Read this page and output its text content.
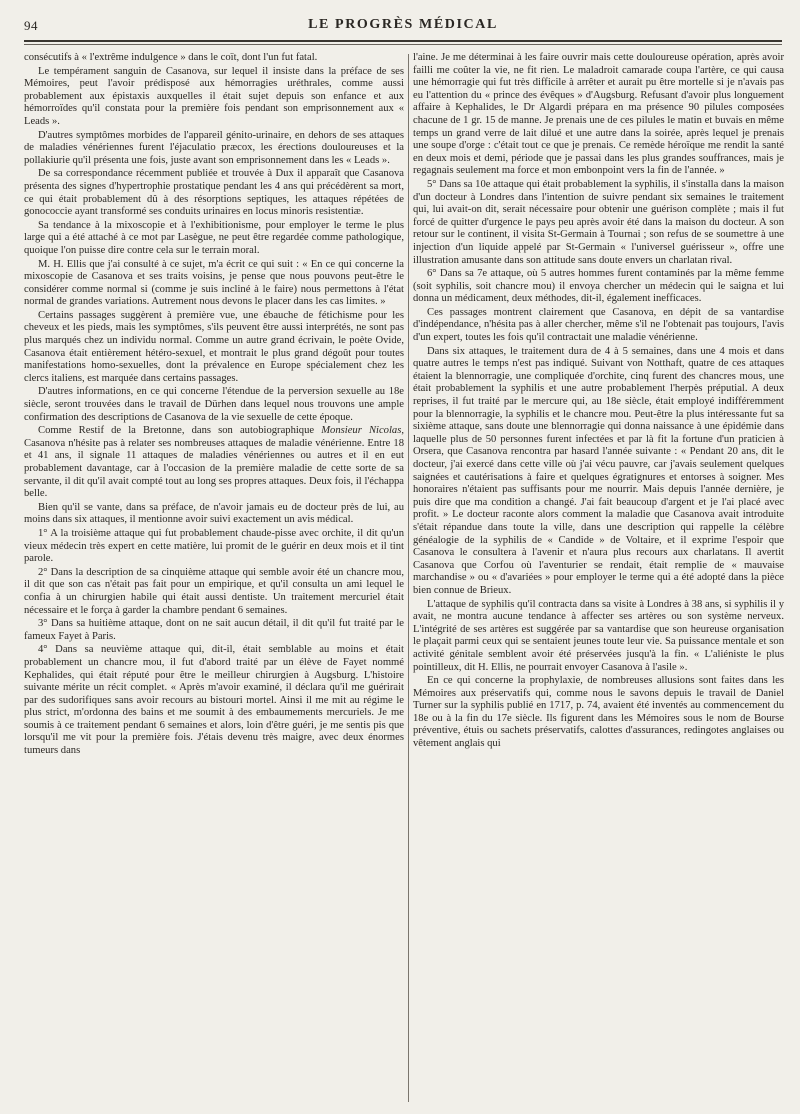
94	LE PROGRÈS MÉDICAL

consécutifs à « l'extrême indulgence » dans le coït, dont l'un fut fatal.

Le tempérament sanguin de Casanova, sur lequel il insiste dans la préface de ses Mémoires, peut l'avoir prédisposé aux hémorragies uréthrales, comme aussi probablement aux épistaxis auxquelles il était sujet depuis son enfance et aux hémorroïdes qu'il constata pour la première fois pendant son emprisonnement aux « Leads ».

D'autres symptômes morbides de l'appareil génito-urinaire, en dehors de ses attaques de maladies vénériennes furent l'éjaculatio præcox, les érections douloureuses et la pollakiurie qu'il présenta une fois, juste avant son emprisonnement dans les « Leads ».

De sa correspondance récemment publiée et trouvée à Dux il apparaît que Casanova présenta des signes d'hypertrophie prostatique pendant les 4 ans qui précédèrent sa mort, ce qui était probablement dû à des résorptions septiques, les attaques répétées de gonococcie ayant transformé ses conduits urinaires en locus minoris resistentiæ.

Sa tendance à la mixoscopie et à l'exhibitionisme, pour employer le terme le plus large qui a été attaché à ce mot par Lasègue, ne peut être regardée comme pathologique, quoique l'on puisse dire contre cela sur le terrain moral.

M. H. Ellis que j'ai consulté à ce sujet, m'a écrit ce qui suit : « En ce qui concerne la mixoscopie de Casanova et ses traits voisins, je pense que nous pouvons peut-être le considérer comme normal si (comme je suis incliné à le faire) nous permettons à l'état normal de grandes variations. Autrement nous devons le placer dans les cas limites. »

Certains passages suggèrent à première vue, une ébauche de fétichisme pour les cheveux et les pieds, mais les symptômes, s'ils peuvent être aussi interprétés, ne sont pas plus marqués chez un individu normal. Comme un autre grand écrivain, le poète Ovide, Casanova était entièrement hétéro-sexuel, et montrait le plus grand dégoût pour toutes manifestations homo-sexuelles, dont la prévalence en Europe spécialement chez les clercs italiens, est marquée dans certains passages.

D'autres informations, en ce qui concerne l'étendue de la perversion sexuelle au 18e siècle, seront trouvées dans le travail de Dürhen dans lequel nous trouvons une ample confirmation des descriptions de Casanova de la vie sexuelle de cette époque.

Comme Restif de la Bretonne, dans son autobiographique Monsieur Nicolas, Casanova n'hésite pas à relater ses nombreuses attaques de maladie vénérienne. Entre 18 et 41 ans, il signale 11 attaques de maladies vénériennes ou autres et il en eut probablement davantage, car à l'occasion de la première maladie de cette sorte de sa servante, il dit qu'il avait compté tout au long ses propres attaques. Deux fois, il l'échappa belle.

Bien qu'il se vante, dans sa préface, de n'avoir jamais eu de docteur près de lui, au moins dans six attaques, il mentionne avoir suivi exactement un avis médical.

1° A la troisième attaque qui fut probablement chaude-pisse avec orchite, il dit qu'un vieux médecin très expert en cette matière, lui promit de le guérir en deux mois et il tint parole.

2° Dans la description de sa cinquième attaque qui semble avoir été un chancre mou, il dit que son cas n'était pas fait pour un empirique, et qu'il consulta un ami lequel le confia à un chirurgien habile qui était aussi dentiste. Un traitement mercuriel était nécessaire et le força à garder la chambre pendant 6 semaines.

3° Dans sa huitième attaque, dont on ne sait aucun détail, il dit qu'il fut traité par le fameux Fayet à Paris.

4° Dans sa neuvième attaque qui, dit-il, était semblable au moins et était probablement un chancre mou, il fut d'abord traité par un élève de Fayet nommé Kephalides, qui était réputé pour être le meilleur chirurgien à Augsburg. L'histoire suivante mérite un récit complet. « Après m'avoir examiné, il déclara qu'il me guérirait par des sudorifiques sans avoir recours au bistouri mortel. Ainsi il me mit au régime le plus strict, m'ordonna des bains et me soumit à des embaumements mercuriels. Je me soumis à ce traitement pendant 6 semaines et alors, loin d'être guéri, je me sentis pis que lorsqu'il me vit pour la première fois. J'étais devenu très maigre, avec deux énormes tumeurs dans

l'aine. Je me déterminai à les faire ouvrir mais cette douloureuse opération, après avoir failli me coûter la vie, ne fit rien. Le maladroit camarade coupa l'artère, ce qui causa une hémorragie qui fut très difficile à arrêter et aurait pu être mortelle si je n'avais pas eu l'attention du « prince des évêques » d'Augsburg. Refusant d'avoir plus longuement affaire à Kephalides, le Dr Algardi prépara en ma présence 90 pilules composées chacune de 1 gr. 15 de manne. Je prenais une de ces pilules le matin et buvais en même temps un grand verre de lait dilué et une autre dans la soirée, après lequel je prenais une soupe d'orge : c'était tout ce que je prenais. Ce remède héroïque me rendit la santé en deux mois et demi, période que je passai dans les plus grandes souffrances, mais je regagnais seulement ma force et mon embonpoint vers la fin de l'année. »

5° Dans sa 10e attaque qui était probablement la syphilis, il s'installa dans la maison d'un docteur à Londres dans l'intention de suivre pendant six semaines le traitement qui, lui avait-on dit, serait nécessaire pour obtenir une guérison complète ; mais il fut forcé de quitter d'urgence le pays peu après avoir été dans la maison du docteur. A son retour sur le continent, il visita St-Germain à Tournai ; son refus de se soumettre à une injection d'un liquide appelé par St-Germain « l'universel guérisseur », offre une illustration amusante dans son attitude sans doute envers un charlatan rival.

6° Dans sa 7e attaque, où 5 autres hommes furent contaminés par la même femme (soit syphilis, soit chancre mou) il envoya chercher un médecin qui le saigna et lui donna un médicament, deux méthodes, dit-il, également inefficaces.

Ces passages montrent clairement que Casanova, en dépit de sa vantardise d'indépendance, n'hésita pas à aller chercher, même s'il ne l'obtenait pas toujours, l'avis d'un expert, toutes les fois qu'il contractait une maladie vénérienne.

Dans six attaques, le traitement dura de 4 à 5 semaines, dans une 4 mois et dans quatre autres le temps n'est pas indiqué. Suivant von Notthaft, quatre de ces attaques étaient la blennorragie, une compliquée d'orchite, cinq furent des chancres mous, une était probablement la syphilis et une autre probablement l'herpès préputial. A deux reprises, il fut traité par le mercure qui, au 18e siècle, était employé indifféremment pour la blennorragie, la syphilis et le chancre mou. Peut-être la plus intéressante fut sa sixième attaque, sans doute une blennorragie qui donna naissance à une épidémie dans laquelle plus de 50 personnes furent infectées et par là fit la fortune d'un praticien à Orsera, que Casanova rencontra par hasard l'année suivante : « Pendant 20 ans, dit le docteur, j'ai exercé dans cette ville où j'ai vécu pauvre, car j'avais seulement quelques saignées et cautérisations à faire et quelques égratignures et entorses à soigner. Mes honoraires n'étaient pas suffisants pour me nourrir. Mais depuis l'année dernière, je puis dire que ma condition a changé. J'ai fait beaucoup d'argent et je l'ai placé avec profit. » Le docteur raconte alors comment la maladie que Casanova avait introduite s'était répandue dans toute la ville, dans une description qui rappelle la célèbre généalogie de la syphilis de « Candide » de Voltaire, et il exprime l'espoir que Casanova le consultera à l'avenir et n'aura plus recours aux charlatans. Il avertit Casanova que Corfou où l'aventurier se rendait, était remplie de « mauvaise marchandise » ou « d'avariées » pour employer le terme qui a été adopté dans la pièce bien connue de Brieux.

L'attaque de syphilis qu'il contracta dans sa visite à Londres à 38 ans, si syphilis il y avait, ne montra aucune tendance à affecter ses artères ou son système nerveux. L'intégrité de ses artères est suggérée par sa vantardise que son heureuse organisation le plaçait parmi ceux qui se sentaient jeunes toute leur vie. Sa puissance mentale et son activité génitale semblent avoir été préservées jusqu'à la fin. « L'aliéniste le plus pointilleux, dit H. Ellis, ne pourrait envoyer Casanova à l'asile ».

En ce qui concerne la prophylaxie, de nombreuses allusions sont faites dans les Mémoires aux préservatifs qui, comme nous le savons depuis le travail de Daniel Turner sur la syphilis publié en 1717, p. 74, avaient été inventés au commencement du 18e ou à la fin du 17e siècle. Ils figurent dans les Mémoires sous le nom de Bourse préventive, étuis ou sachets préservatifs, calottes d'assurances, redingotes anglaises ou vêtement anglais qui
